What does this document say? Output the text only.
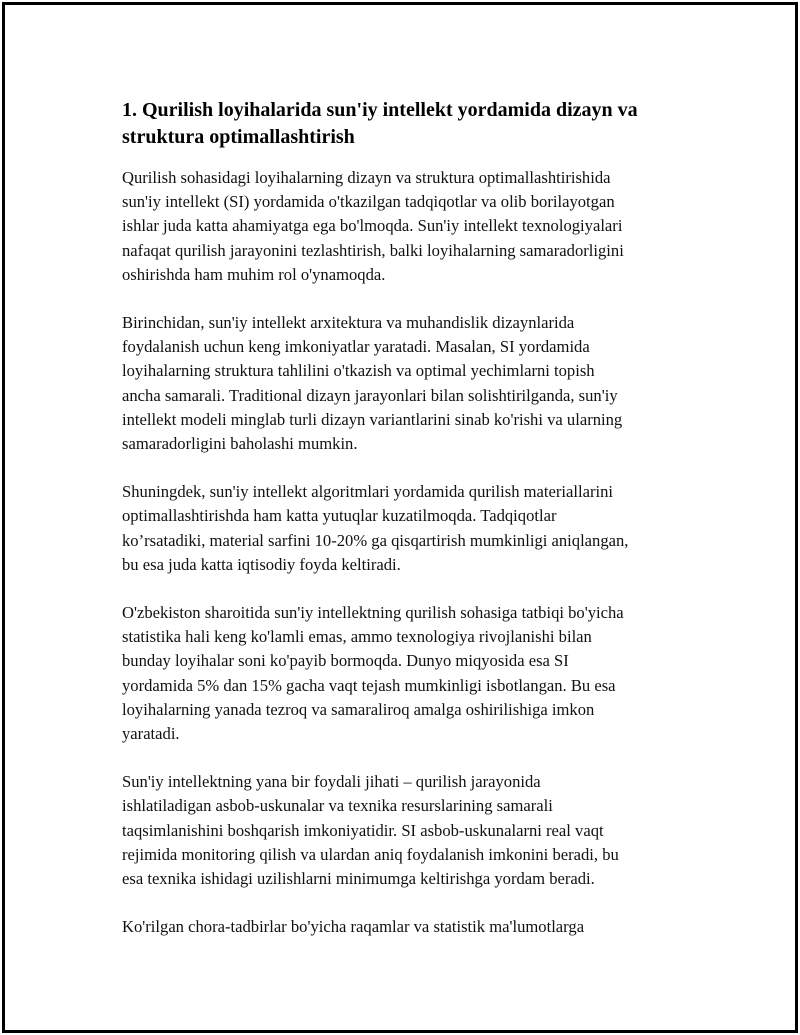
1. Qurilish loyihalarida sun'iy intellekt yordamida dizayn va
struktura optimallashtirish

Qurilish sohasidagi loyihalarning dizayn va struktura optimallashtirishida
sun'iy intellekt (SI) yordamida o'tkazilgan tadqiqotlar va olib borilayotgan
ishlar juda katta ahamiyatga ega bo'lmoqda. Sun'iy intellekt texnologiyalari
nafaqat qurilish jarayonini tezlashtirish, balki loyihalarning samaradorligini
oshirishda ham muhim rol o'ynamoqda.

Birinchidan, sun'iy intellekt arxitektura va muhandislik dizaynlarida
foydalanish uchun keng imkoniyatlar yaratadi. Masalan, SI yordamida
loyihalarning struktura tahlilini o'tkazish va optimal yechimlarni topish
ancha samarali. Traditional dizayn jarayonlari bilan solishtirilganda, sun'iy
intellekt modeli minglab turli dizayn variantlarini sinab ko'rishi va ularning
samaradorligini baholashi mumkin.

Shuningdek, sun'iy intellekt algoritmlari yordamida qurilish materiallarini
optimallashtirishda ham katta yutuqlar kuzatilmoqda. Tadqiqotlar
ko’rsatadiki, material sarfini 10-20% ga qisqartirish mumkinligi aniqlangan,
bu esa juda katta iqtisodiy foyda keltiradi.

O'zbekiston sharoitida sun'iy intellektning qurilish sohasiga tatbiqi bo'yicha
statistika hali keng ko'lamli emas, ammo texnologiya rivojlanishi bilan
bunday loyihalar soni ko'payib bormoqda. Dunyo miqyosida esa SI
yordamida 5% dan 15% gacha vaqt tejash mumkinligi isbotlangan. Bu esa
loyihalarning yanada tezroq va samaraliroq amalga oshirilishiga imkon
yaratadi.

Sun'iy intellektning yana bir foydali jihati – qurilish jarayonida
ishlatiladigan asbob-uskunalar va texnika resurslarining samarali
taqsimlanishini boshqarish imkoniyatidir. SI asbob-uskunalarni real vaqt
rejimida monitoring qilish va ulardan aniq foydalanish imkonini beradi, bu
esa texnika ishidagi uzilishlarni minimumga keltirishga yordam beradi.

Ko'rilgan chora-tadbirlar bo'yicha raqamlar va statistik ma'lumotlarga
